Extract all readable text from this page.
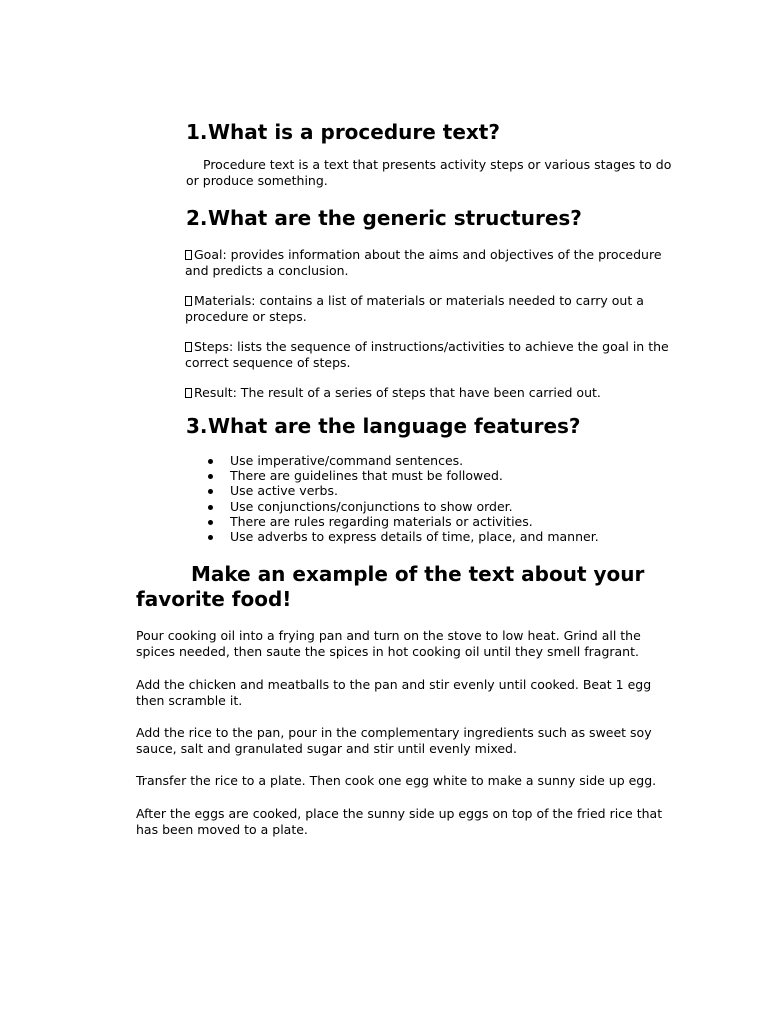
1.What is a procedure text?

Procedure text is a text that presents activity steps or various stages to do
or produce something.

2.What are the generic structures?

Goal: provides information about the aims and objectives of the procedure
and predicts a conclusion.

Materials: contains a list of materials or materials needed to carry out a
procedure or steps.

Steps: lists the sequence of instructions/activities to achieve the goal in the
correct sequence of steps.

Result: The result of a series of steps that have been carried out.

3.What are the language features?
Use imperative/command sentences.
There are guidelines that must be followed.
Use active verbs.
Use conjunctions/conjunctions to show order.
There are rules regarding materials or activities.
Use adverbs to express details of time, place, and manner.
Make an example of the text about your
favorite food!

Pour cooking oil into a frying pan and turn on the stove to low heat. Grind all the
spices needed, then saute the spices in hot cooking oil until they smell fragrant.

Add the chicken and meatballs to the pan and stir evenly until cooked. Beat 1 egg
then scramble it.

Add the rice to the pan, pour in the complementary ingredients such as sweet soy
sauce, salt and granulated sugar and stir until evenly mixed.

Transfer the rice to a plate. Then cook one egg white to make a sunny side up egg.

After the eggs are cooked, place the sunny side up eggs on top of the fried rice that
has been moved to a plate.
